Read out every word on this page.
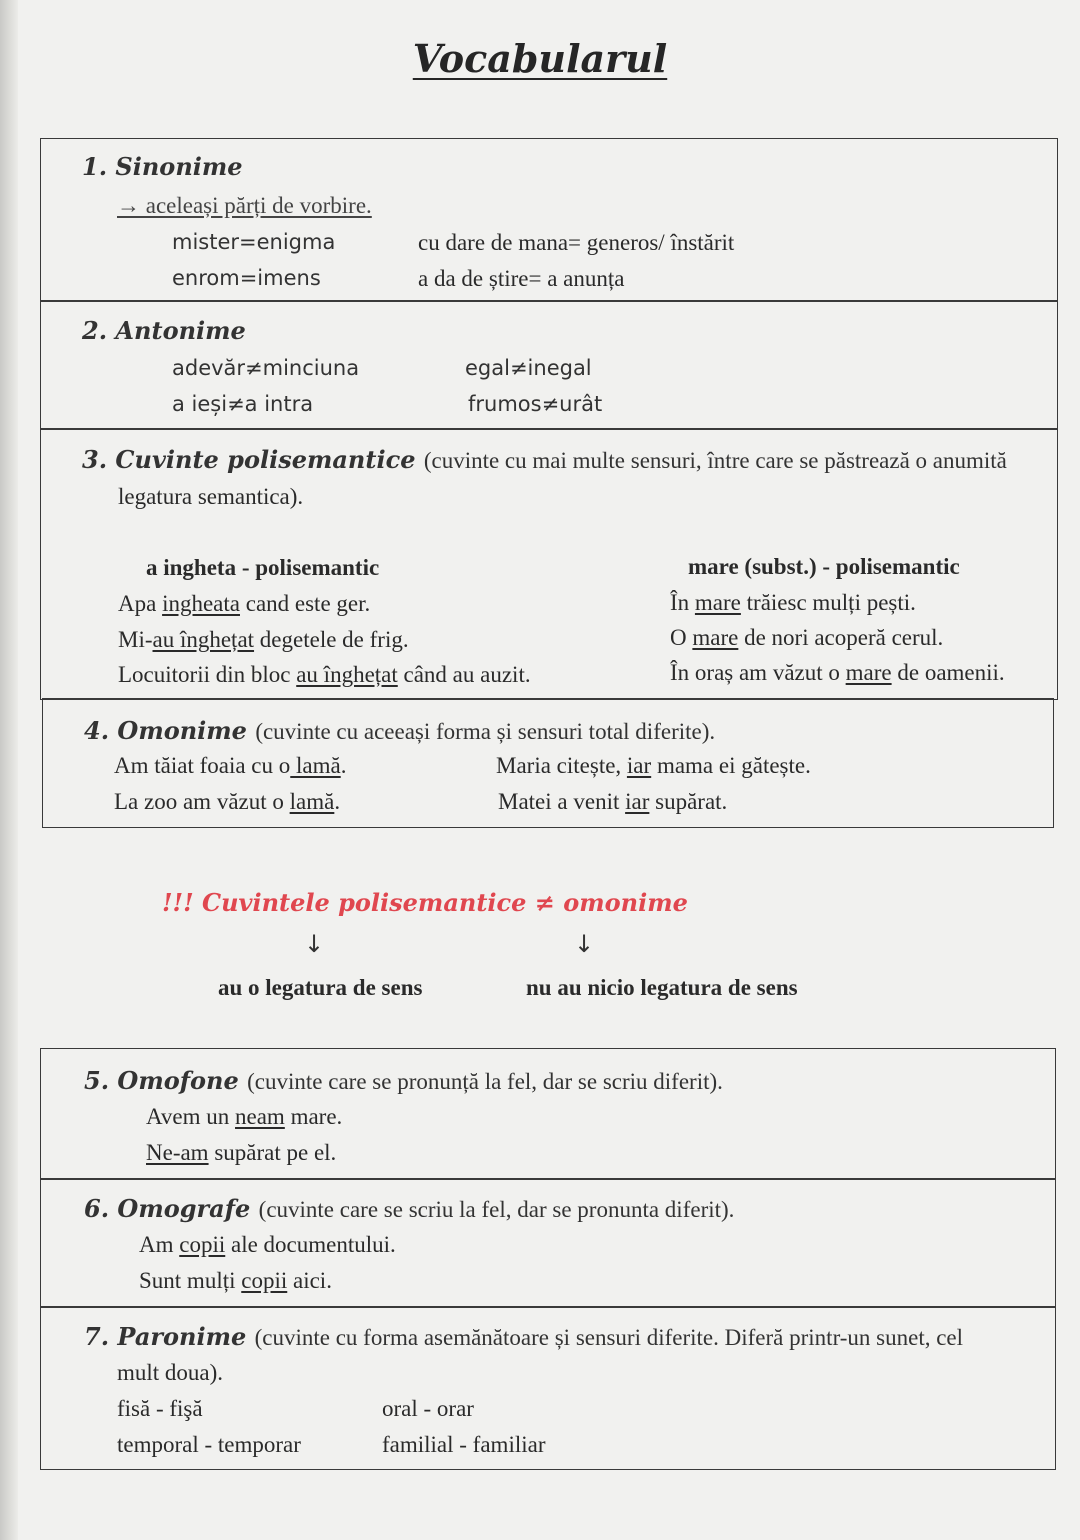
Vocabularul
1. Sinonime
→ aceleași părți de vorbire.
mister=enigma
enrom=imens
cu dare de mana= generos/ înstărit
a da de știre= a anunța
2. Antonime
adevăr≠minciuna
a ieși≠a intra
egal≠inegal
frumos≠urât
3. Cuvinte polisemantice (cuvinte cu mai multe sensuri, între care se păstrează o anumită
legatura semantica).
a ingheta - polisemantic
Apa ingheata cand este ger.
Mi-au înghețat degetele de frig.
Locuitorii din bloc au înghețat când au auzit.
mare (subst.) - polisemantic
În mare trăiesc mulți pești.
O mare de nori acoperă cerul.
În oraș am văzut o mare de oamenii.
4. Omonime (cuvinte cu aceeași forma și sensuri total diferite).
Am tăiat foaia cu o lamă.
La zoo am văzut o lamă.
Maria citește, iar mama ei gătește.
Matei a venit iar supărat.
!!! Cuvintele polisemantice ≠ omonime
↓	↓
au o legatura de sens	nu au nicio legatura de sens
5. Omofone (cuvinte care se pronunță la fel, dar se scriu diferit).
Avem un neam mare.
Ne-am supărat pe el.
6. Omografe (cuvinte care se scriu la fel, dar se pronunta diferit).
Am copii ale documentului.
Sunt mulți copii aici.
7. Paronime (cuvinte cu forma asemănătoare și sensuri diferite. Diferă printr-un sunet, cel
mult doua).
fisă - fişă
temporal - temporar
oral - orar
familial - familiar
